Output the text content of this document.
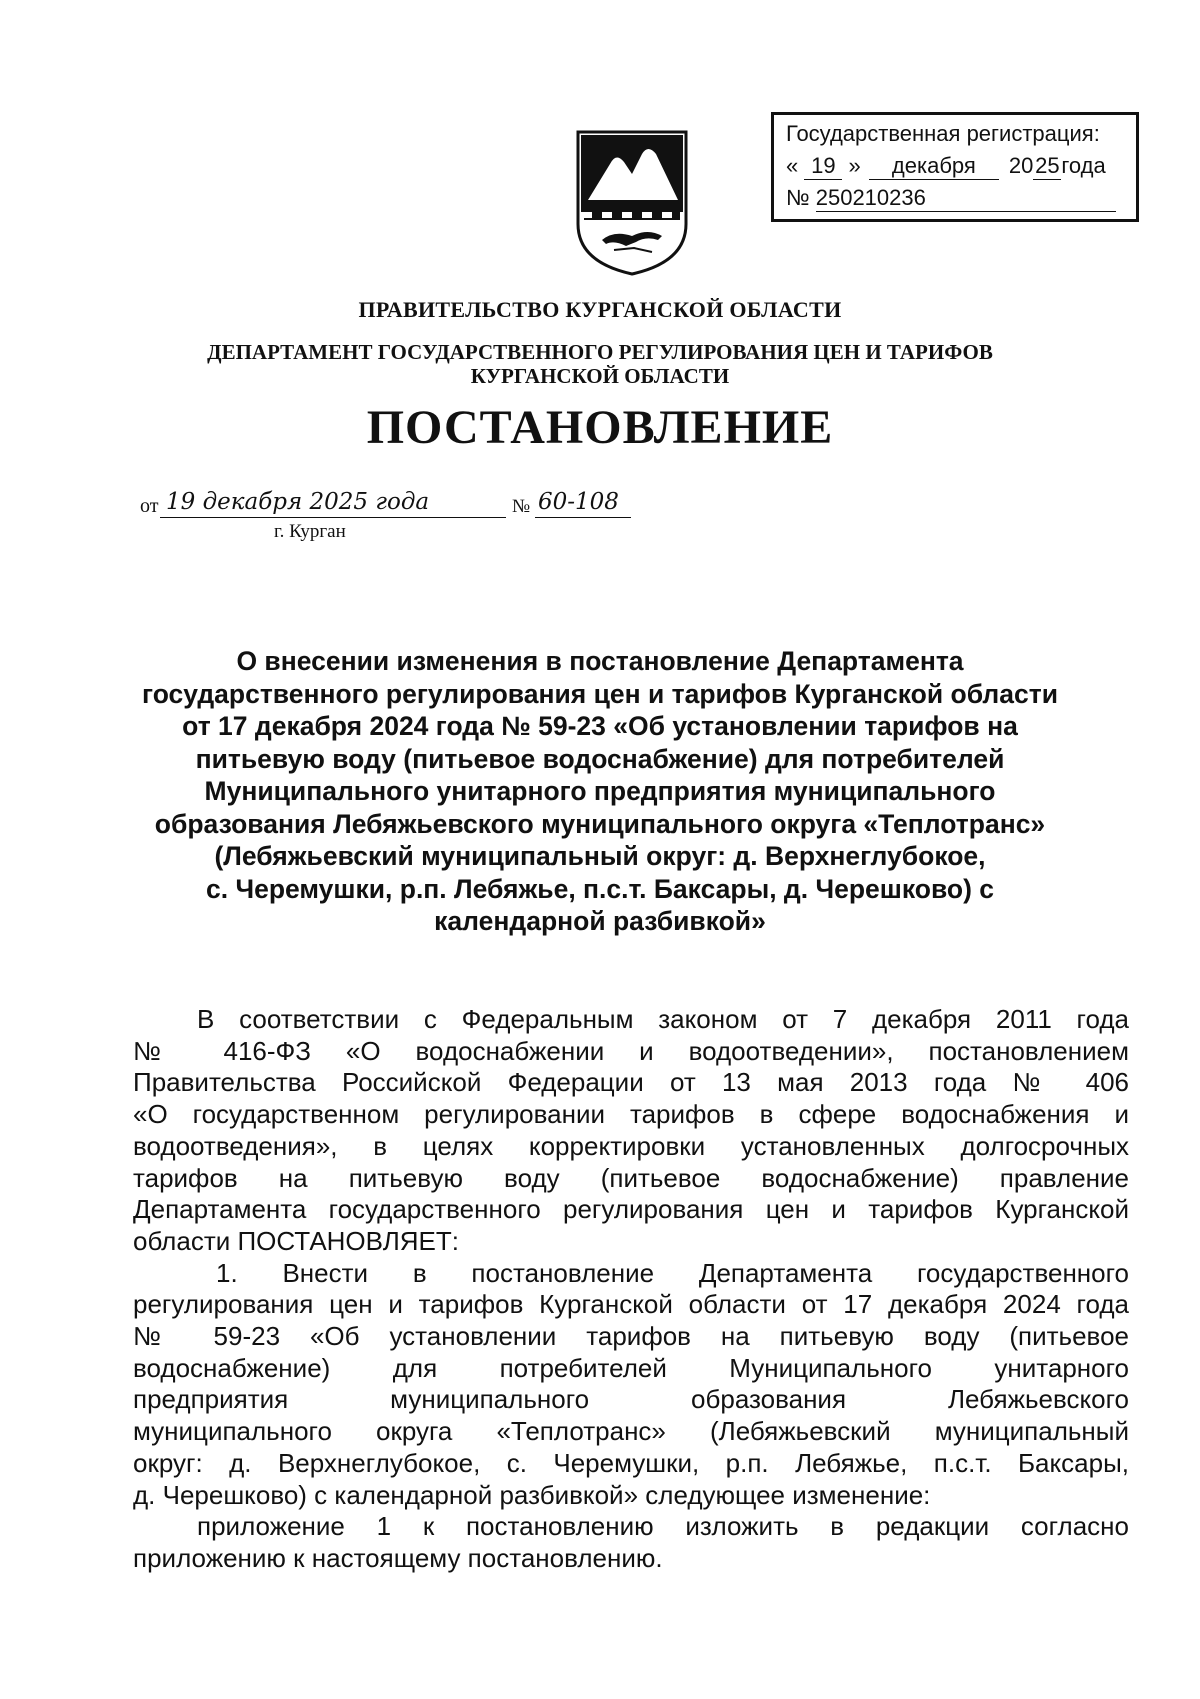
Государственная регистрация:
« 19 » декабря 2025года
№ 250210236
ПРАВИТЕЛЬСТВО КУРГАНСКОЙ ОБЛАСТИ
ДЕПАРТАМЕНТ ГОСУДАРСТВЕННОГО РЕГУЛИРОВАНИЯ ЦЕН И ТАРИФОВ
КУРГАНСКОЙ ОБЛАСТИ
ПОСТАНОВЛЕНИЕ
от 19 декабря 2025 года	№ 60-108
г. Курган
О внесении изменения в постановление Департамента
государственного регулирования цен и тарифов Курганской области
от 17 декабря 2024 года № 59-23 «Об установлении тарифов на
питьевую воду (питьевое водоснабжение) для потребителей
Муниципального унитарного предприятия муниципального
образования Лебяжьевского муниципального округа «Теплотранс»
(Лебяжьевский муниципальный округ: д. Верхнеглубокое,
с. Черемушки, р.п. Лебяжье, п.с.т. Баксары, д. Черешково) с
календарной разбивкой»
В соответствии с Федеральным законом от 7 декабря 2011 года
№ 416-ФЗ «О водоснабжении и водоотведении», постановлением
Правительства Российской Федерации от 13 мая 2013 года № 406
«О государственном регулировании тарифов в сфере водоснабжения и
водоотведения», в целях корректировки установленных долгосрочных
тарифов на питьевую воду (питьевое водоснабжение) правление
Департамента государственного регулирования цен и тарифов Курганской
области ПОСТАНОВЛЯЕТ:
1. Внести в постановление Департамента государственного
регулирования цен и тарифов Курганской области от 17 декабря 2024 года
№ 59-23 «Об установлении тарифов на питьевую воду (питьевое
водоснабжение) для потребителей Муниципального унитарного
предприятия муниципального образования Лебяжьевского
муниципального округа «Теплотранс» (Лебяжьевский муниципальный
округ: д. Верхнеглубокое, с. Черемушки, р.п. Лебяжье, п.с.т. Баксары,
д. Черешково) с календарной разбивкой» следующее изменение:
приложение 1 к постановлению изложить в редакции согласно
приложению к настоящему постановлению.
